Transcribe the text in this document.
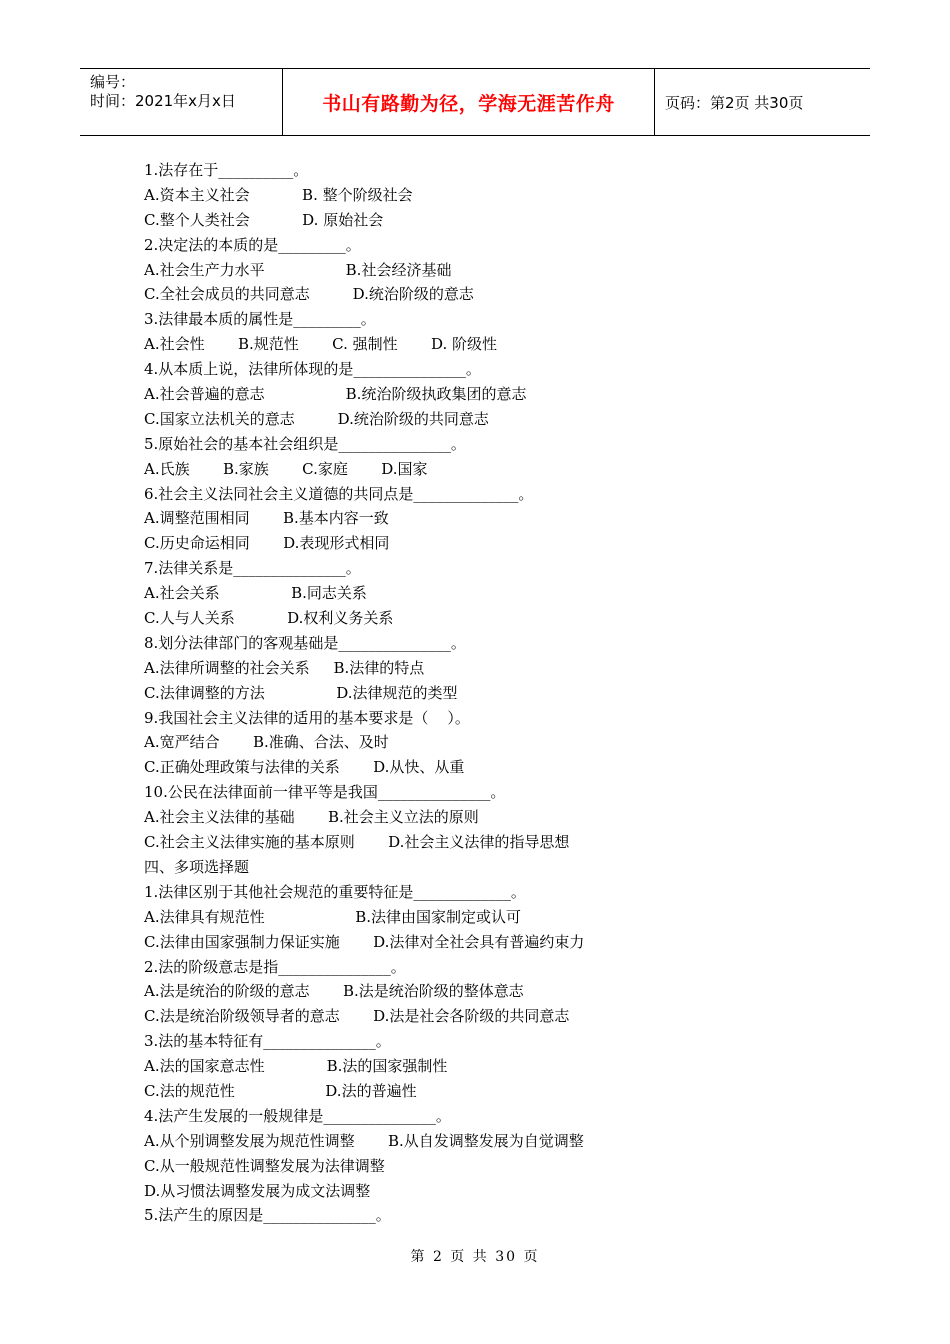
编号：
时间：2021年x月x日	书山有路勤为径，学海无涯苦作舟	页码：第2页 共30页
1.法存在于__________。
A.资本主义社会           B. 整个阶级社会
C.整个人类社会           D. 原始社会
2.决定法的本质的是_________。
A.社会生产力水平                 B.社会经济基础
C.全社会成员的共同意志         D.统治阶级的意志
3.法律最本质的属性是_________。
A.社会性       B.规范性       C. 强制性       D. 阶级性
4.从本质上说，法律所体现的是_______________。
A.社会普遍的意志                 B.统治阶级执政集团的意志
C.国家立法机关的意志         D.统治阶级的共同意志
5.原始社会的基本社会组织是_______________。
A.氏族       B.家族       C.家庭       D.国家
6.社会主义法同社会主义道德的共同点是______________。
A.调整范围相同       B.基本内容一致
C.历史命运相同       D.表现形式相同
7.法律关系是_______________。
A.社会关系               B.同志关系
C.人与人关系           D.权利义务关系
8.划分法律部门的客观基础是_______________。
A.法律所调整的社会关系     B.法律的特点
C.法律调整的方法               D.法律规范的类型
9.我国社会主义法律的适用的基本要求是（    ）。
A.宽严结合       B.准确、合法、及时
C.正确处理政策与法律的关系       D.从快、从重
10.公民在法律面前一律平等是我国_______________。
A.社会主义法律的基础       B.社会主义立法的原则
C.社会主义法律实施的基本原则       D.社会主义法律的指导思想
四、多项选择题
1.法律区别于其他社会规范的重要特征是_____________。
A.法律具有规范性                   B.法律由国家制定或认可
C.法律由国家强制力保证实施       D.法律对全社会具有普遍约束力
2.法的阶级意志是指_______________。
A.法是统治的阶级的意志       B.法是统治阶级的整体意志
C.法是统治阶级领导者的意志       D.法是社会各阶级的共同意志
3.法的基本特征有_______________。
A.法的国家意志性             B.法的国家强制性
C.法的规范性                   D.法的普遍性
4.法产生发展的一般规律是_______________。
A.从个别调整发展为规范性调整       B.从自发调整发展为自觉调整
C.从一般规范性调整发展为法律调整
D.从习惯法调整发展为成文法调整
5.法产生的原因是_______________。
第 2 页 共 30 页
